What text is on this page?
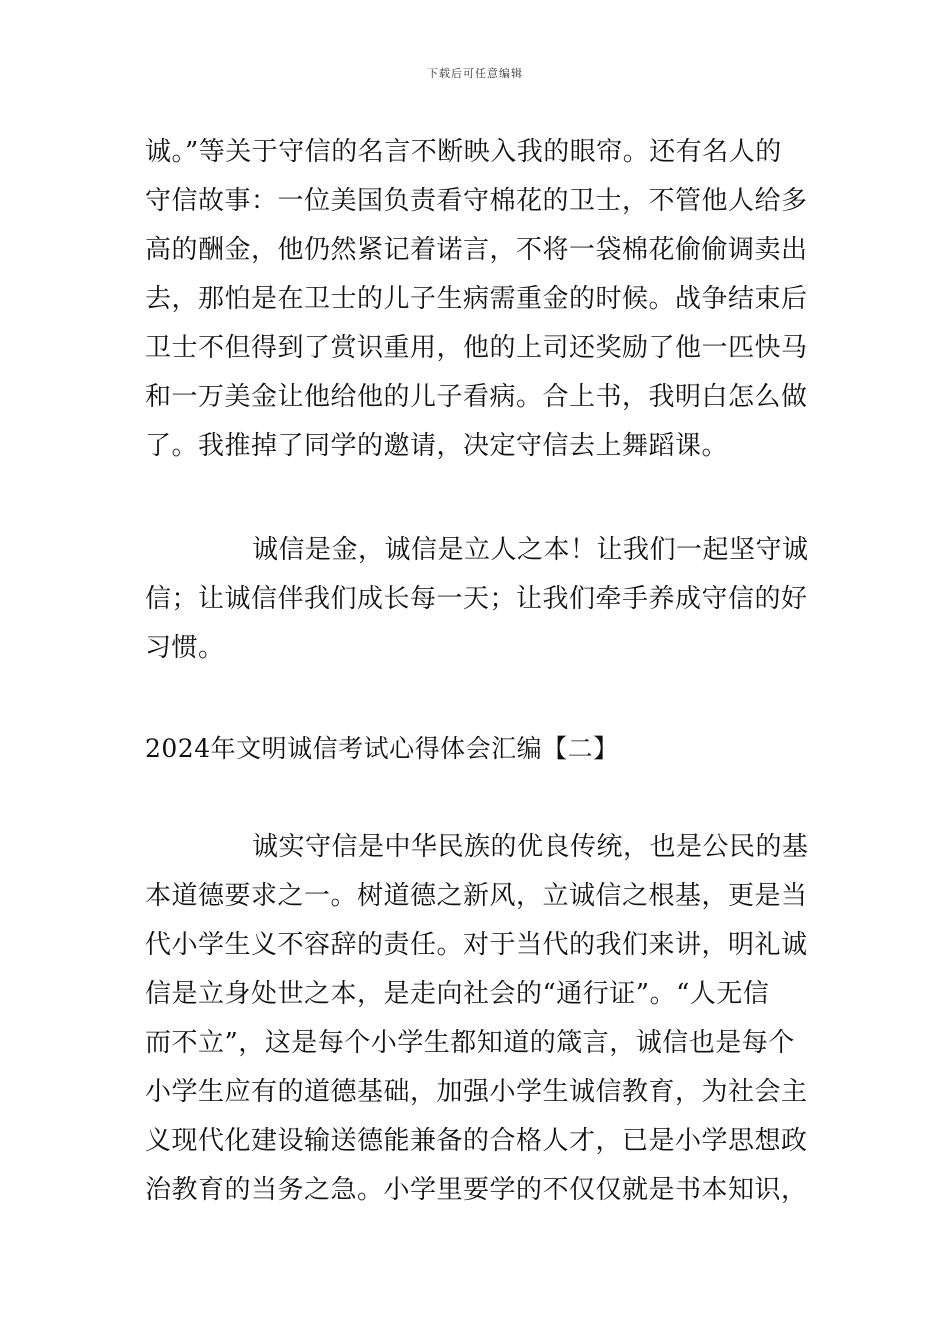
下载后可任意编辑
诚。”等关于守信的名言不断映入我的眼帘。还有名人的
守信故事：一位美国负责看守棉花的卫士，不管他人给多
高的酬金，他仍然紧记着诺言，不将一袋棉花偷偷调卖出
去，那怕是在卫士的儿子生病需重金的时候。战争结束后
卫士不但得到了赏识重用，他的上司还奖励了他一匹快马
和一万美金让他给他的儿子看病。合上书，我明白怎么做
了。我推掉了同学的邀请，决定守信去上舞蹈课。
诚信是金，诚信是立人之本！让我们一起坚守诚
信；让诚信伴我们成长每一天；让我们牵手养成守信的好
习惯。
2024年文明诚信考试心得体会汇编【二】
诚实守信是中华民族的优良传统，也是公民的基
本道德要求之一。树道德之新风，立诚信之根基，更是当
代小学生义不容辞的责任。对于当代的我们来讲，明礼诚
信是立身处世之本，是走向社会的“通行证”。“人无信
而不立”，这是每个小学生都知道的箴言，诚信也是每个
小学生应有的道德基础，加强小学生诚信教育，为社会主
义现代化建设输送德能兼备的合格人才，已是小学思想政
治教育的当务之急。小学里要学的不仅仅就是书本知识，
